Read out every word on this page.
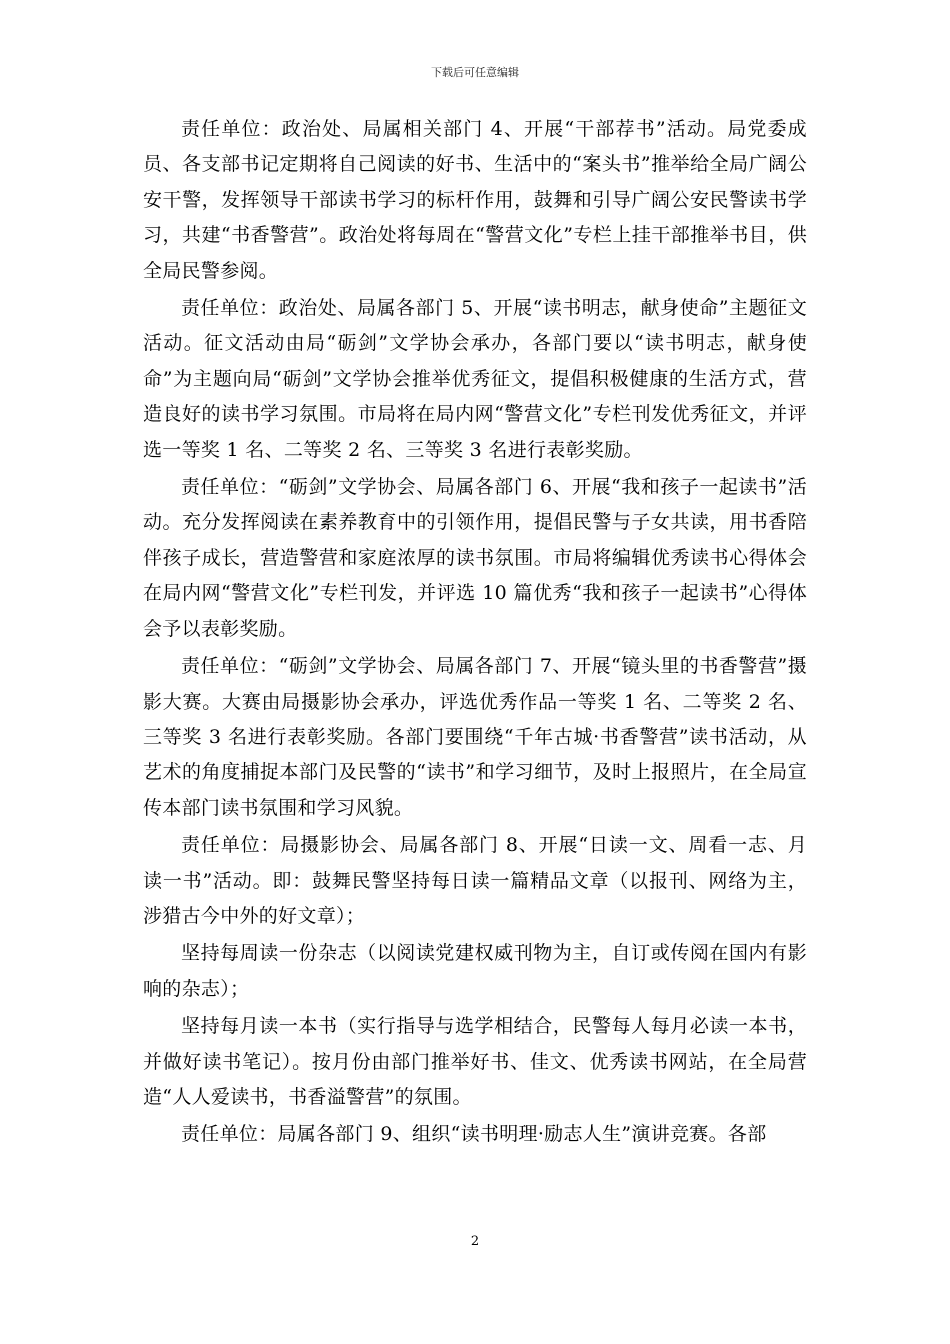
下载后可任意编辑

责任单位：政治处、局属相关部门 4、开展“干部荐书”活动。局党委成员、各支部书记定期将自己阅读的好书、生活中的“案头书”推举给全局广阔公安干警，发挥领导干部读书学习的标杆作用，鼓舞和引导广阔公安民警读书学习，共建“书香警营”。政治处将每周在“警营文化”专栏上挂干部推举书目，供全局民警参阅。

责任单位：政治处、局属各部门 5、开展“读书明志，献身使命”主题征文活动。征文活动由局“砺剑”文学协会承办，各部门要以“读书明志，献身使命”为主题向局“砺剑”文学协会推举优秀征文，提倡积极健康的生活方式，营造良好的读书学习氛围。市局将在局内网“警营文化”专栏刊发优秀征文，并评选一等奖 1 名、二等奖 2 名、三等奖 3 名进行表彰奖励。

责任单位：“砺剑”文学协会、局属各部门 6、开展“我和孩子一起读书”活动。充分发挥阅读在素养教育中的引领作用，提倡民警与子女共读，用书香陪伴孩子成长，营造警营和家庭浓厚的读书氛围。市局将编辑优秀读书心得体会在局内网“警营文化”专栏刊发，并评选 10 篇优秀“我和孩子一起读书”心得体会予以表彰奖励。

责任单位：“砺剑”文学协会、局属各部门 7、开展“镜头里的书香警营”摄影大赛。大赛由局摄影协会承办，评选优秀作品一等奖 1 名、二等奖 2 名、三等奖 3 名进行表彰奖励。各部门要围绕“千年古城·书香警营”读书活动，从艺术的角度捕捉本部门及民警的“读书”和学习细节，及时上报照片，在全局宣传本部门读书氛围和学习风貌。

责任单位：局摄影协会、局属各部门 8、开展“日读一文、周看一志、月读一书”活动。即：鼓舞民警坚持每日读一篇精品文章（以报刊、网络为主，涉猎古今中外的好文章）；

坚持每周读一份杂志（以阅读党建权威刊物为主，自订或传阅在国内有影响的杂志）；

坚持每月读一本书（实行指导与选学相结合，民警每人每月必读一本书，并做好读书笔记）。按月份由部门推举好书、佳文、优秀读书网站，在全局营造“人人爱读书，书香溢警营”的氛围。

责任单位：局属各部门 9、组织“读书明理·励志人生”演讲竞赛。各部

2
